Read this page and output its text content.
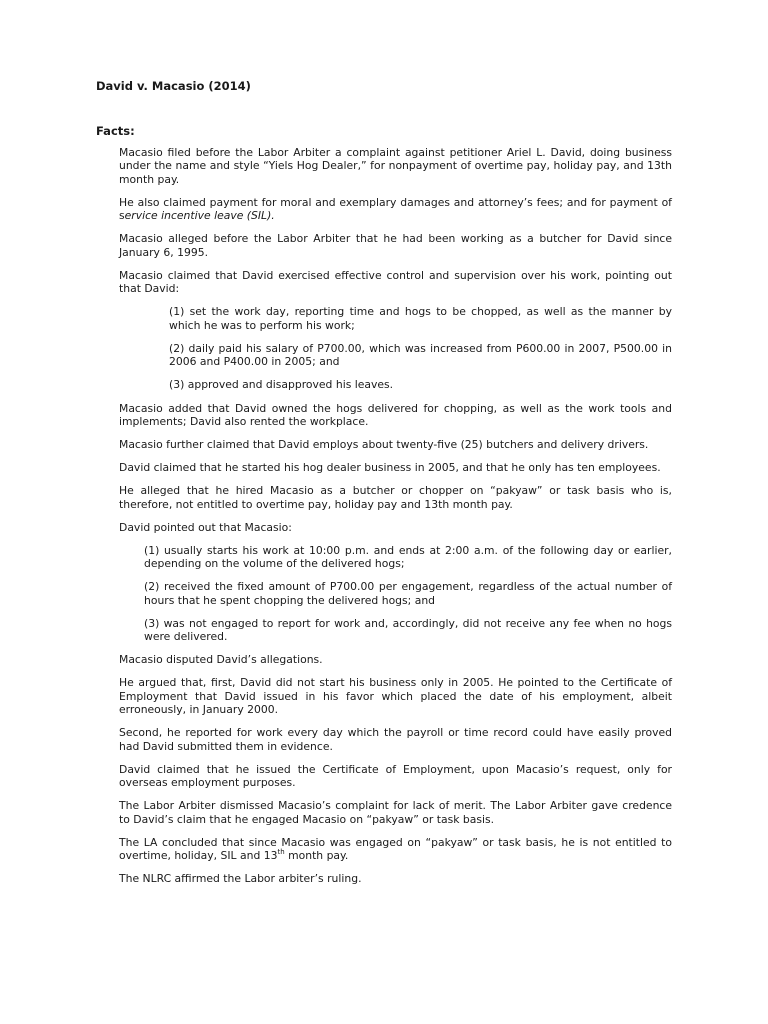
David v. Macasio (2014)

Facts:

Macasio filed before the Labor Arbiter a complaint against petitioner Ariel L. David, doing business under the name and style “Yiels Hog Dealer,” for nonpayment of overtime pay, holiday pay, and 13th month pay.

He also claimed payment for moral and exemplary damages and attorney’s fees; and for payment of service incentive leave (SIL).

Macasio alleged before the Labor Arbiter that he had been working as a butcher for David since January 6, 1995.

Macasio claimed that David exercised effective control and supervision over his work, pointing out that David:

(1) set the work day, reporting time and hogs to be chopped, as well as the manner by which he was to perform his work;

(2) daily paid his salary of P700.00, which was increased from P600.00 in 2007, P500.00 in 2006 and P400.00 in 2005; and

(3) approved and disapproved his leaves.

Macasio added that David owned the hogs delivered for chopping, as well as the work tools and implements; David also rented the workplace.

Macasio further claimed that David employs about twenty-five (25) butchers and delivery drivers.

David claimed that he started his hog dealer business in 2005, and that he only has ten employees.

He alleged that he hired Macasio as a butcher or chopper on “pakyaw” or task basis who is, therefore, not entitled to overtime pay, holiday pay and 13th month pay.

David pointed out that Macasio:

(1) usually starts his work at 10:00 p.m. and ends at 2:00 a.m. of the following day or earlier, depending on the volume of the delivered hogs;

(2) received the fixed amount of P700.00 per engagement, regardless of the actual number of hours that he spent chopping the delivered hogs; and

(3) was not engaged to report for work and, accordingly, did not receive any fee when no hogs were delivered.

Macasio disputed David’s allegations.

He argued that, first, David did not start his business only in 2005. He pointed to the Certificate of Employment that David issued in his favor which placed the date of his employment, albeit erroneously, in January 2000.

Second, he reported for work every day which the payroll or time record could have easily proved had David submitted them in evidence.

David claimed that he issued the Certificate of Employment, upon Macasio’s request, only for overseas employment purposes.

The Labor Arbiter dismissed Macasio’s complaint for lack of merit. The Labor Arbiter gave credence to David’s claim that he engaged Macasio on “pakyaw” or task basis.

The LA concluded that since Macasio was engaged on “pakyaw” or task basis, he is not entitled to overtime, holiday, SIL and 13th month pay.

The NLRC affirmed the Labor arbiter’s ruling.
